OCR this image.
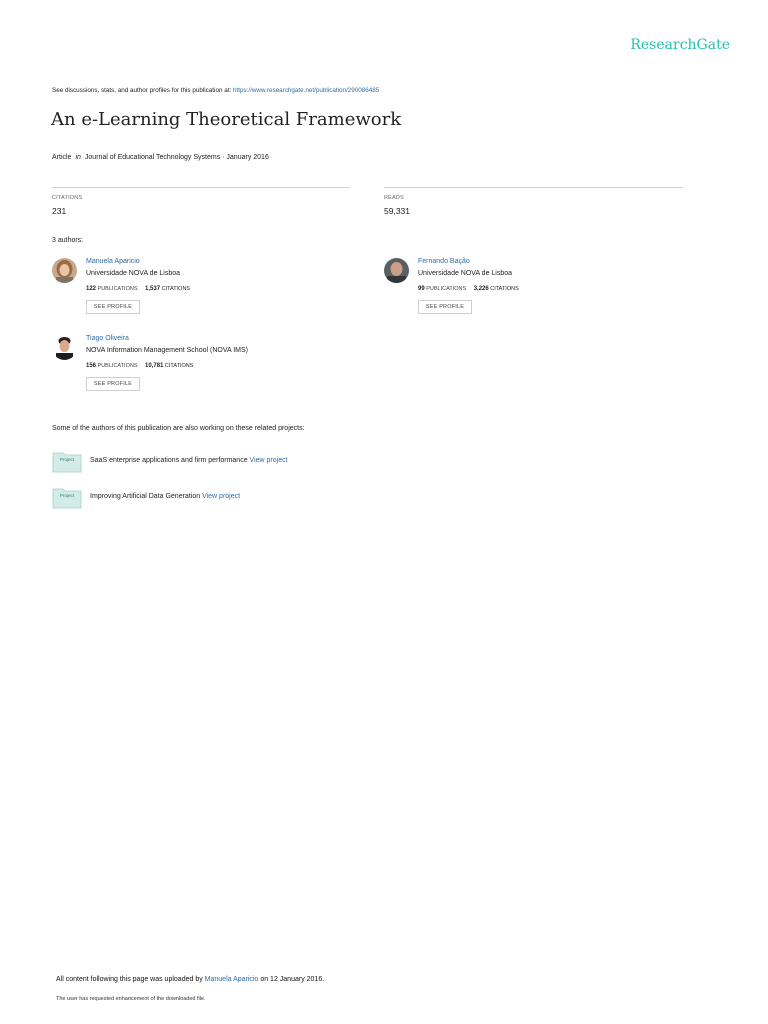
ResearchGate
See discussions, stats, and author profiles for this publication at: https://www.researchgate.net/publication/290086485
An e-Learning Theoretical Framework
Article in Journal of Educational Technology Systems · January 2016
CITATIONS
231
READS
59,331
3 authors:
Manuela Aparicio
Universidade NOVA de Lisboa
122 PUBLICATIONS 1,537 CITATIONS
SEE PROFILE
Fernando Bação
Universidade NOVA de Lisboa
99 PUBLICATIONS 3,226 CITATIONS
SEE PROFILE
Tiago Oliveira
NOVA Information Management School (NOVA IMS)
156 PUBLICATIONS 10,781 CITATIONS
SEE PROFILE
Some of the authors of this publication are also working on these related projects:
Project	SaaS enterprise applications and firm performance View project
Project	Improving Artificial Data Generation View project
All content following this page was uploaded by Manuela Aparicio on 12 January 2016.
The user has requested enhancement of the downloaded file.
